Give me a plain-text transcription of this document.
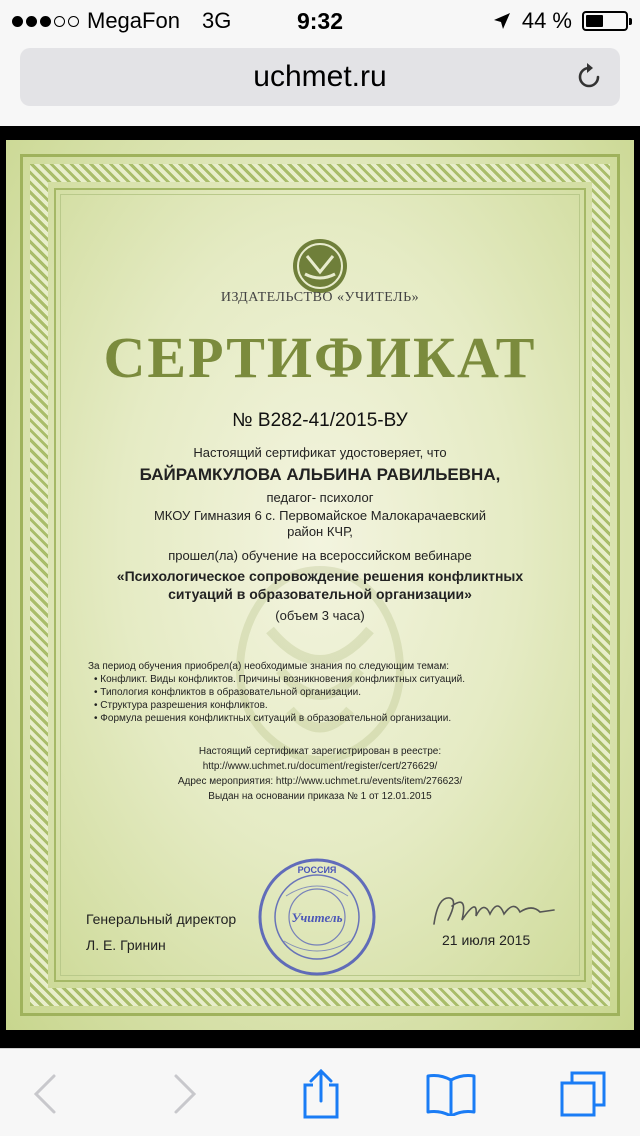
MegaFon 3G	9:32	44 %
uchmet.ru
ИЗДАТЕЛЬСТВО «УЧИТЕЛЬ»
СЕРТИФИКАТ
№ В282-41/2015-ВУ
Настоящий сертификат удостоверяет, что
БАЙРАМКУЛОВА АЛЬБИНА РАВИЛЬЕВНА,
педагог- психолог
МКОУ Гимназия 6 с. Первомайское Малокарачаевский
район КЧР,
прошел(ла) обучение на всероссийском вебинаре
«Психологическое сопровождение решения конфликтных
ситуаций в образовательной организации»
(объем 3 часа)
За период обучения приобрел(а) необходимые знания по следующим темам:
• Конфликт. Виды конфликтов. Причины возникновения конфликтных ситуаций.
• Типология конфликтов в образовательной организации.
• Структура разрешения конфликтов.
• Формула решения конфликтных ситуаций в образовательной организации.
Настоящий сертификат зарегистрирован в реестре:
http://www.uchmet.ru/document/register/cert/276629/
Адрес мероприятия: http://www.uchmet.ru/events/item/276623/
Выдан на основании приказа № 1 от 12.01.2015
Генеральный директор
Л. Е. Гринин
РОССИЯ
Учитель
21 июля 2015
